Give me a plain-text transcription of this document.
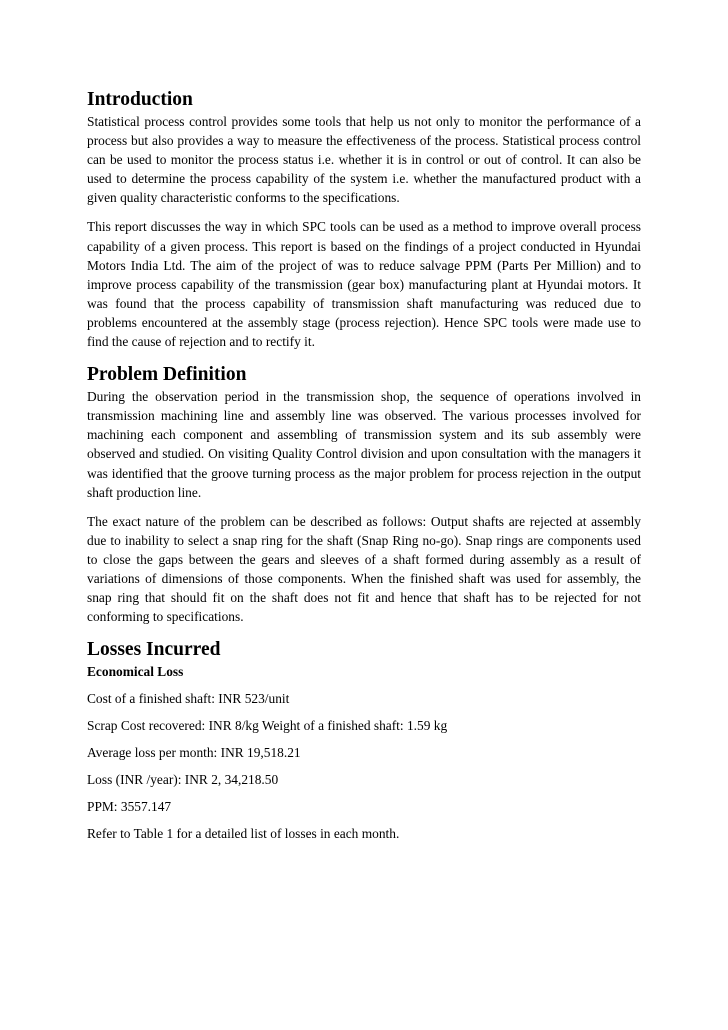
Introduction

Statistical process control provides some tools that help us not only to monitor the performance of a process but also provides a way to measure the effectiveness of the process. Statistical process control can be used to monitor the process status i.e. whether it is in control or out of control. It can also be used to determine the process capability of the system i.e. whether the manufactured product with a given quality characteristic conforms to the specifications.

This report discusses the way in which SPC tools can be used as a method to improve overall process capability of a given process. This report is based on the findings of a project conducted in Hyundai Motors India Ltd. The aim of the project of was to reduce salvage PPM (Parts Per Million) and to improve process capability of the transmission (gear box) manufacturing plant at Hyundai motors. It was found that the process capability of transmission shaft manufacturing was reduced due to problems encountered at the assembly stage (process rejection). Hence SPC tools were made use to find the cause of rejection and to rectify it.

Problem Definition

During the observation period in the transmission shop, the sequence of operations involved in transmission machining line and assembly line was observed. The various processes involved for machining each component and assembling of transmission system and its sub assembly were observed and studied. On visiting Quality Control division and upon consultation with the managers it was identified that the groove turning process as the major problem for process rejection in the output shaft production line.

The exact nature of the problem can be described as follows: Output shafts are rejected at assembly due to inability to select a snap ring for the shaft (Snap Ring no-go). Snap rings are components used to close the gaps between the gears and sleeves of a shaft formed during assembly as a result of variations of dimensions of those components. When the finished shaft was used for assembly, the snap ring that should fit on the shaft does not fit and hence that shaft has to be rejected for not conforming to specifications.

Losses Incurred

Economical Loss

Cost of a finished shaft: INR 523/unit

Scrap Cost recovered: INR 8/kg Weight of a finished shaft: 1.59 kg

Average loss per month: INR 19,518.21

Loss (INR /year): INR 2, 34,218.50

PPM: 3557.147

Refer to Table 1 for a detailed list of losses in each month.
